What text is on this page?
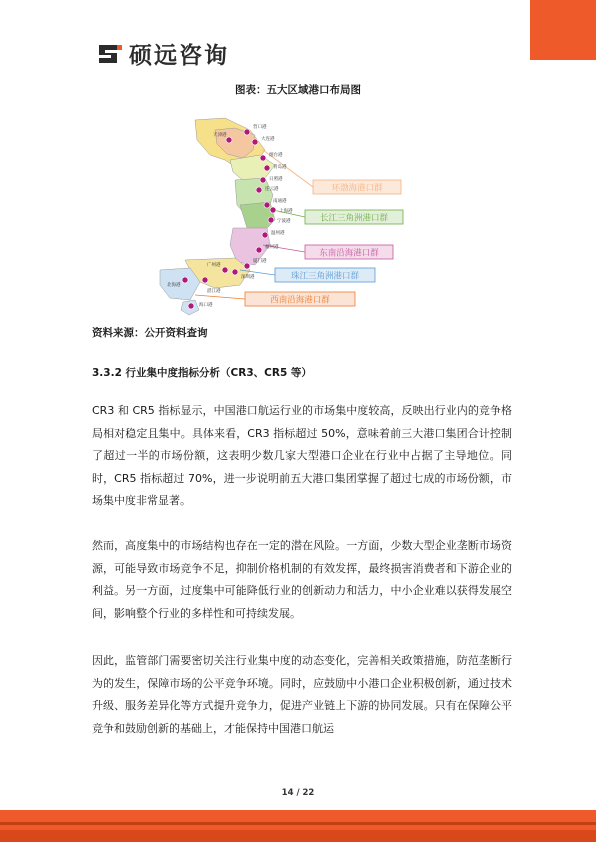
硕远咨询
图表：五大区域港口布局图
营口港
大连港
天津港
烟台港
青岛港
日照港
连云港
南通港
上海港
宁波港
温州港
福州港
厦门港
深圳港
广州港
湛江港
北海港
海口港
环渤海港口群
长江三角洲港口群
东南沿海港口群
珠江三角洲港口群
西南沿海港口群
资料来源：公开资料查询
3.3.2 行业集中度指标分析（CR3、CR5 等）

CR3 和 CR5 指标显示，中国港口航运行业的市场集中度较高，反映出行业内的竞争格局相对稳定且集中。具体来看，CR3 指标超过 50%，意味着前三大港口集团合计控制了超过一半的市场份额，这表明少数几家大型港口企业在行业中占据了主导地位。同时，CR5 指标超过 70%，进一步说明前五大港口集团掌握了超过七成的市场份额，市场集中度非常显著。

然而，高度集中的市场结构也存在一定的潜在风险。一方面，少数大型企业垄断市场资源，可能导致市场竞争不足，抑制价格机制的有效发挥，最终损害消费者和下游企业的利益。另一方面，过度集中可能降低行业的创新动力和活力，中小企业难以获得发展空间，影响整个行业的多样性和可持续发展。

因此，监管部门需要密切关注行业集中度的动态变化，完善相关政策措施，防范垄断行为的发生，保障市场的公平竞争环境。同时，应鼓励中小港口企业积极创新，通过技术升级、服务差异化等方式提升竞争力，促进产业链上下游的协同发展。只有在保障公平竞争和鼓励创新的基础上，才能保持中国港口航运

14 / 22
